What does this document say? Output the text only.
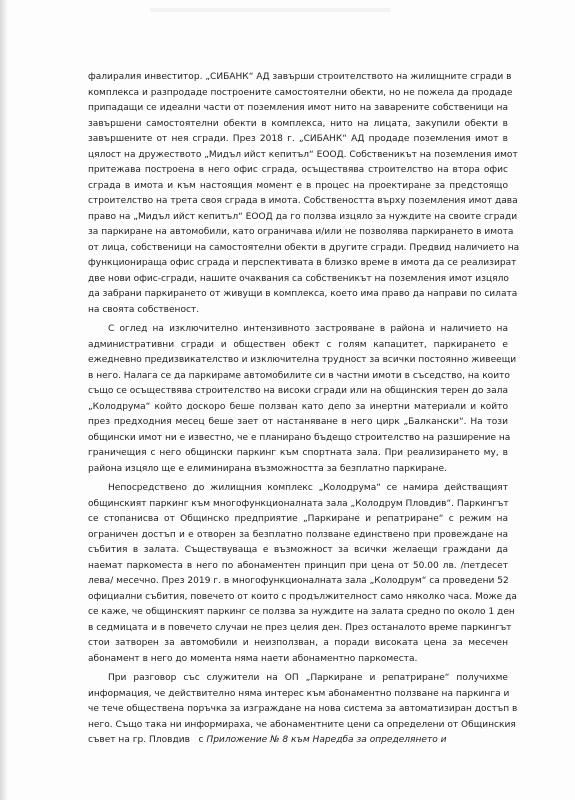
фалиралия инвеститор. „СИБАНК“ АД завърши строителството на жилищните сгради в
комплекса и разпродаде построените самостоятелни обекти, но не пожела да продаде
припадащи се идеални части от поземления имот нито на заварените собственици на
завършени самостоятелни обекти в комплекса, нито на лицата, закупили обекти в
завършените от нея сгради. През 2018 г. „СИБАНК“ АД продаде поземления имот в
цялост на дружеството „Мидъл ийст кепитъл“ ЕООД. Собственикът на поземления имот
притежава построена в него офис сграда, осъществява строителство на втора офис
сграда в имота и към настоящия момент е в процес на проектиране за предстоящо
строителство на трета своя сграда в имота. Собствеността върху поземления имот дава
право на „Мидъл ийст кепитъл“ ЕООД да го ползва изцяло за нуждите на своите сгради
за паркиране на автомобили, като ограничава и/или не позволява паркирането в имота
от лица, собственици на самостоятелни обекти в другите сгради. Предвид наличието на
функциониращa офис сграда и перспективата в близко време в имота да се реализират
две нови офис-сгради, нашите очаквания са собственикът на поземления имот изцяло
да забрани паркирането от живущи в комплекса, което има право да направи по силата
на своята собственост.
С оглед на изключително интензивното застрояване в района и наличието на
административни сгради и обществен обект с голям капацитет, паркирането е
ежедневно предизвикателство и изключителна трудност за всички постоянно живеещи
в него. Налага се да паркираме автомобилите си в частни имоти в съседство, на които
също се осъществява строителство на високи сгради или на общинския терен до зала
„Колодрума“ който доскоро беше ползван като депо за инертни материали и който
през предходния месец беше зает от настаняване в него цирк „Балкански“. На този
общински имот ни е известно, че е планирано бъдещо строителство на разширение на
граничещия с него общински паркинг към спортната зала. При реализирането му, в
района изцяло ще е елиминирана възможността за безплатно паркиране.
Непосредствено до жилищния комплекс „Колодрума“ се намира действащият
общинският паркинг към многофункционалната зала „Колодрум Пловдив“. Паркингът
се стопанисва от Общинско предприятие „Паркиране и репатриране“ с режим на
ограничен достъп и е отворен за безплатно ползване единствено при провеждане на
събития в залата. Съществуваща е възможност за всички желаещи граждани да
наемат паркоместа в него по абонаментен принцип при цена от 50.00 лв. /петдесет
лева/ месечно. През 2019 г. в многофункционалната зала „Колодрум“ са проведени 52
официални събития, повечето от които с продължителност само няколко часа. Може да
се каже, че общинският паркинг се ползва за нуждите на залата средно по около 1 ден
в седмицата и в повечето случаи не през целия ден. През останалото време паркингът
стои затворен за автомобили и неизползван, а поради високата цена за месечен
абонамент в него до момента няма наети абонаментно паркоместа.
При разговор със служители на ОП „Паркиране и репатриране“ получихме
информация, че действително няма интерес към абонаментно ползване на паркинга и
че тече обществена поръчка за изграждане на нова система за автоматизиран достъп в
него. Също така ни информираха, че абонаментните цени са определени от Общинския
съвет на гр. Пловдив   с Приложение № 8 към Наредба за определянето и
